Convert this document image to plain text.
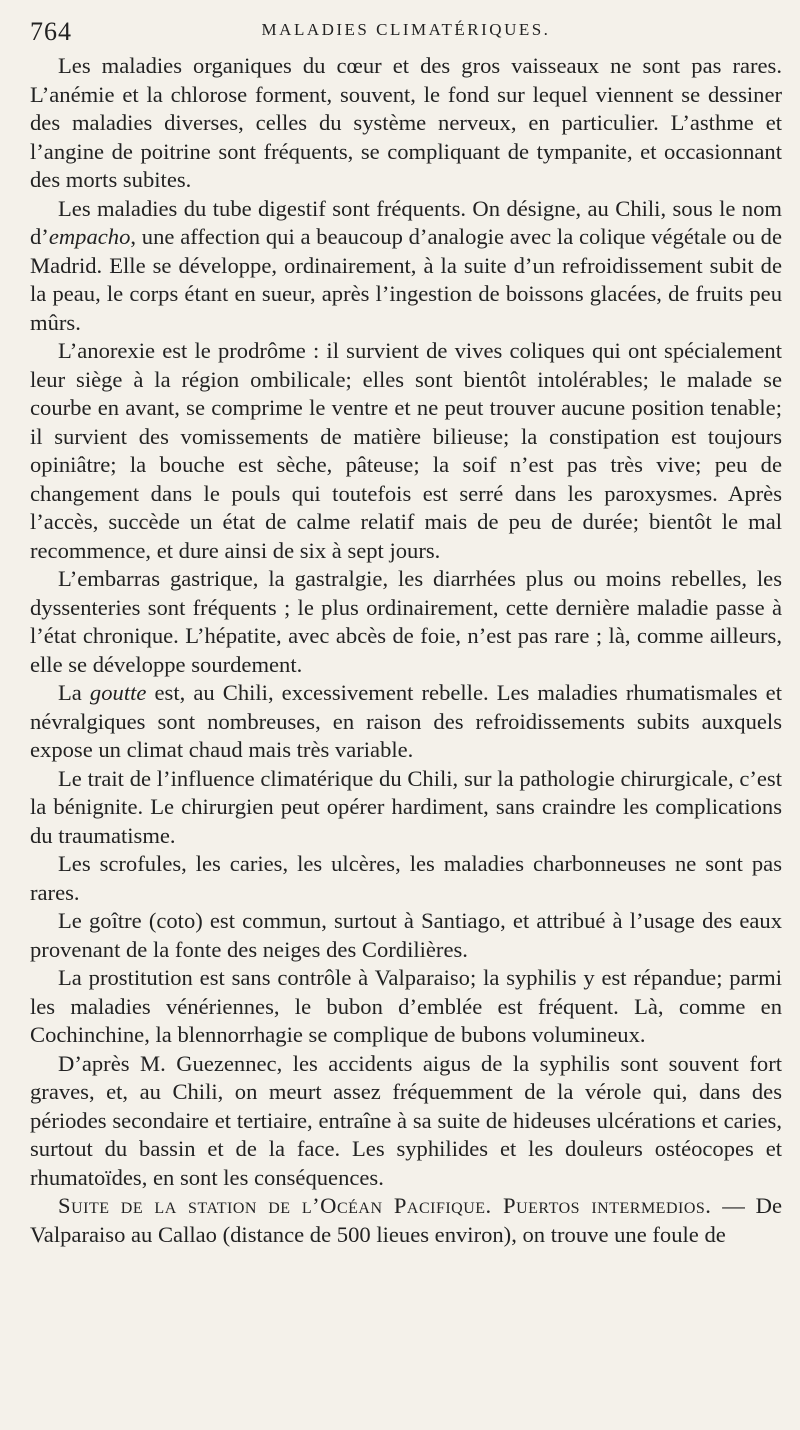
764	MALADIES CLIMATÉRIQUES.

Les maladies organiques du cœur et des gros vaisseaux ne sont pas rares. L’anémie et la chlorose forment, souvent, le fond sur lequel viennent se dessiner des maladies diverses, celles du système nerveux, en particulier. L’asthme et l’angine de poitrine sont fréquents, se compliquant de tympanite, et occasionnant des morts subites.

Les maladies du tube digestif sont fréquents. On désigne, au Chili, sous le nom d’empacho, une affection qui a beaucoup d’analogie avec la colique végétale ou de Madrid. Elle se développe, ordinairement, à la suite d’un refroidissement subit de la peau, le corps étant en sueur, après l’ingestion de boissons glacées, de fruits peu mûrs.

L’anorexie est le prodrôme : il survient de vives coliques qui ont spécialement leur siège à la région ombilicale; elles sont bientôt intolérables; le malade se courbe en avant, se comprime le ventre et ne peut trouver aucune position tenable; il survient des vomissements de matière bilieuse; la constipation est toujours opiniâtre; la bouche est sèche, pâteuse; la soif n’est pas très vive; peu de changement dans le pouls qui toutefois est serré dans les paroxysmes. Après l’accès, succède un état de calme relatif mais de peu de durée; bientôt le mal recommence, et dure ainsi de six à sept jours.

L’embarras gastrique, la gastralgie, les diarrhées plus ou moins rebelles, les dyssenteries sont fréquents ; le plus ordinairement, cette dernière maladie passe à l’état chronique. L’hépatite, avec abcès de foie, n’est pas rare ; là, comme ailleurs, elle se développe sourdement.

La goutte est, au Chili, excessivement rebelle. Les maladies rhumatismales et névralgiques sont nombreuses, en raison des refroidissements subits auxquels expose un climat chaud mais très variable.

Le trait de l’influence climatérique du Chili, sur la pathologie chirurgicale, c’est la bénignite. Le chirurgien peut opérer hardiment, sans craindre les complications du traumatisme.

Les scrofules, les caries, les ulcères, les maladies charbonneuses ne sont pas rares.

Le goître (coto) est commun, surtout à Santiago, et attribué à l’usage des eaux provenant de la fonte des neiges des Cordilières.

La prostitution est sans contrôle à Valparaiso; la syphilis y est répandue; parmi les maladies vénériennes, le bubon d’emblée est fréquent. Là, comme en Cochinchine, la blennorrhagie se complique de bubons volumineux.

D’après M. Guezennec, les accidents aigus de la syphilis sont souvent fort graves, et, au Chili, on meurt assez fréquemment de la vérole qui, dans des périodes secondaire et tertiaire, entraîne à sa suite de hideuses ulcérations et caries, surtout du bassin et de la face. Les syphilides et les douleurs ostéocopes et rhumatoïdes, en sont les conséquences.

Suite de la station de l’Océan Pacifique. Puertos intermedios. — De Valparaiso au Callao (distance de 500 lieues environ), on trouve une foule de
